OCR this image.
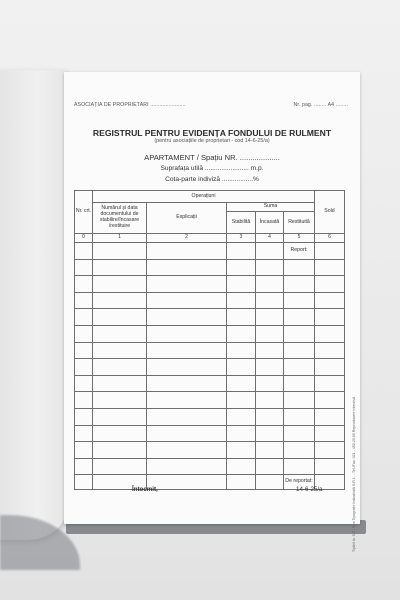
ASOCIAȚIA DE PROPRIETARI .......................	Nr. pag. ........ A4 ........
REGISTRUL PENTRU EVIDENȚA FONDULUI DE RULMENT
(pentru asociațiile de proprietari - cod 14-6-25/a)
APARTAMENT / Spațiu NR. ...................
Suprafața utilă ........................ m.p.
Cota-parte indiviză .................%
Nr. crt.	Operațiuni					Sold
	Numărul și data documentului de stabilire/încasare /restituire	Explicații	Suma			
			Stabilită	Încasată	Restituită	
0	1	2	3	4	5	6
					Report:	

					De reportat:	
Întocmit,	14-6-25/a	Tipărit la: S.C. Tera Tipografie Industrială S.R.L. - Tel./Fax: 021 - 450.20.00 Reproducere interzisă
